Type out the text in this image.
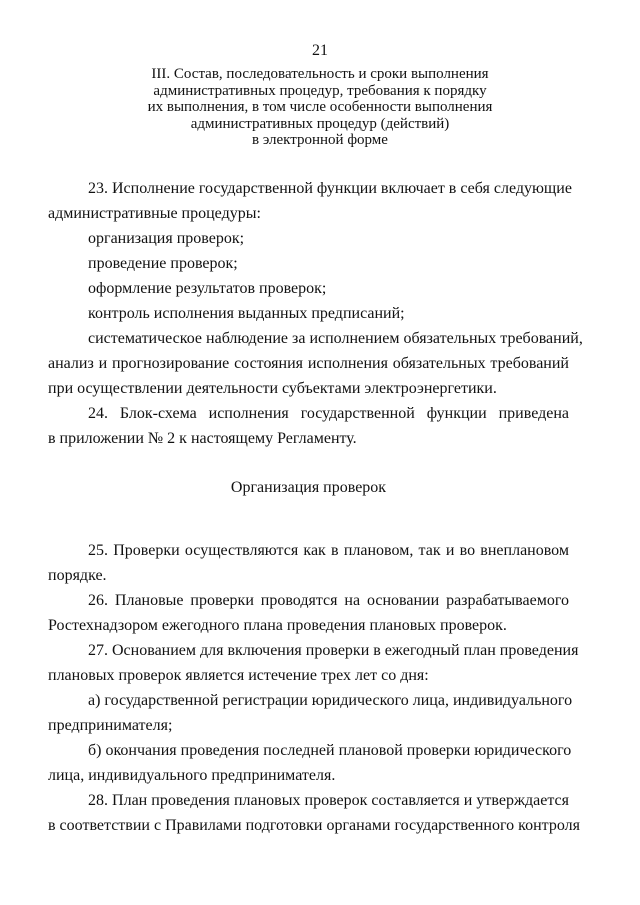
21
III. Состав, последовательность и сроки выполнения
административных процедур, требования к порядку
их выполнения, в том числе особенности выполнения
административных процедур (действий)
в электронной форме
23. Исполнение государственной функции включает в себя следующие
административные процедуры:
организация проверок;
проведение проверок;
оформление результатов проверок;
контроль исполнения выданных предписаний;
систематическое наблюдение за исполнением обязательных требований,
анализ и прогнозирование состояния исполнения обязательных требований
при осуществлении деятельности субъектами электроэнергетики.
24. Блок-схема исполнения государственной функции приведена
в приложении № 2 к настоящему Регламенту.
Организация проверок
25. Проверки осуществляются как в плановом, так и во внеплановом
порядке.
26. Плановые проверки проводятся на основании разрабатываемого
Ростехнадзором ежегодного плана проведения плановых проверок.
27. Основанием для включения проверки в ежегодный план проведения
плановых проверок является истечение трех лет со дня:
а) государственной регистрации юридического лица, индивидуального
предпринимателя;
б) окончания проведения последней плановой проверки юридического
лица, индивидуального предпринимателя.
28. План проведения плановых проверок составляется и утверждается
в соответствии с Правилами подготовки органами государственного контроля
